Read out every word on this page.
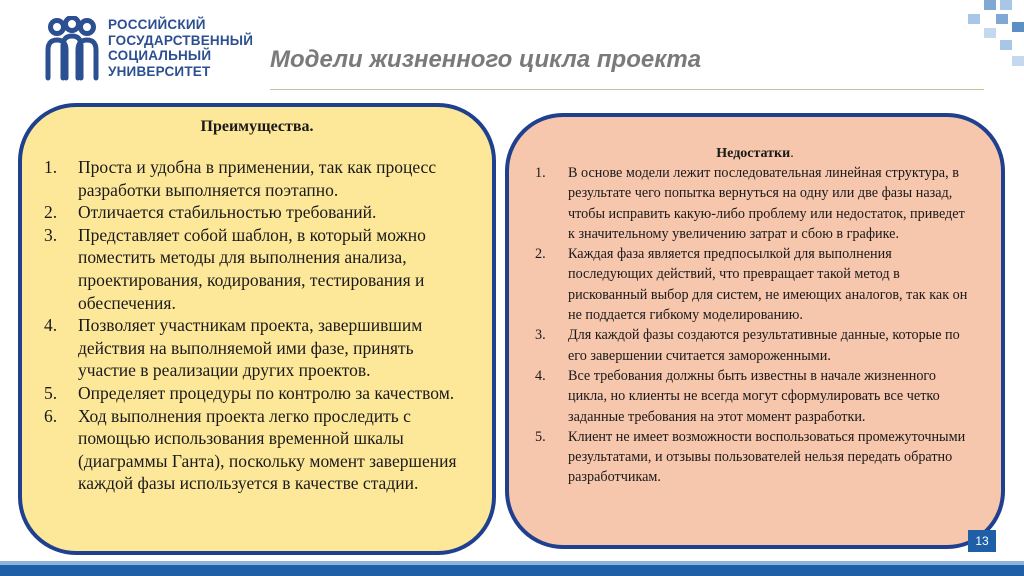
РОССИЙСКИЙ
ГОСУДАРСТВЕННЫЙ
СОЦИАЛЬНЫЙ
УНИВЕРСИТЕТ	Модели жизненного цикла проекта
Преимущества.
1.	Проста и удобна в применении, так как процесс разработки выполняется поэтапно.
2.	Отличается стабильностью требований.
3.	Представляет собой шаблон, в который можно поместить методы для выполнения анализа, проектирования, кодирования, тестирования и обеспечения.
4.	Позволяет участникам проекта, завершившим действия на выполняемой ими фазе, принять участие в реализации других проектов.
5.	Определяет процедуры по контролю за качеством.
6.	Ход выполнения проекта легко проследить с помощью использования временной шкалы (диаграммы Ганта), поскольку момент завершения каждой фазы используется в качестве стадии.
Недостатки.
1.	В основе модели лежит последовательная линейная структура, в результате чего попытка вернуться на одну или две фазы назад, чтобы исправить какую-либо проблему или недостаток, приведет к значительному увеличению затрат и сбою в графике.
2.	Каждая фаза является предпосылкой для выполнения последующих действий, что превращает такой метод в рискованный выбор для систем, не имеющих аналогов, так как он не поддается гибкому моделированию.
3.	Для каждой фазы создаются результативные данные, которые по его завершении считается замороженными.
4.	Все требования должны быть известны в начале жизненного цикла, но клиенты не всегда могут сформулировать все четко заданные требования на этот момент разработки.
5.	Клиент не имеет возможности воспользоваться промежуточными результатами, и отзывы пользователей нельзя передать обратно разработчикам.
13
